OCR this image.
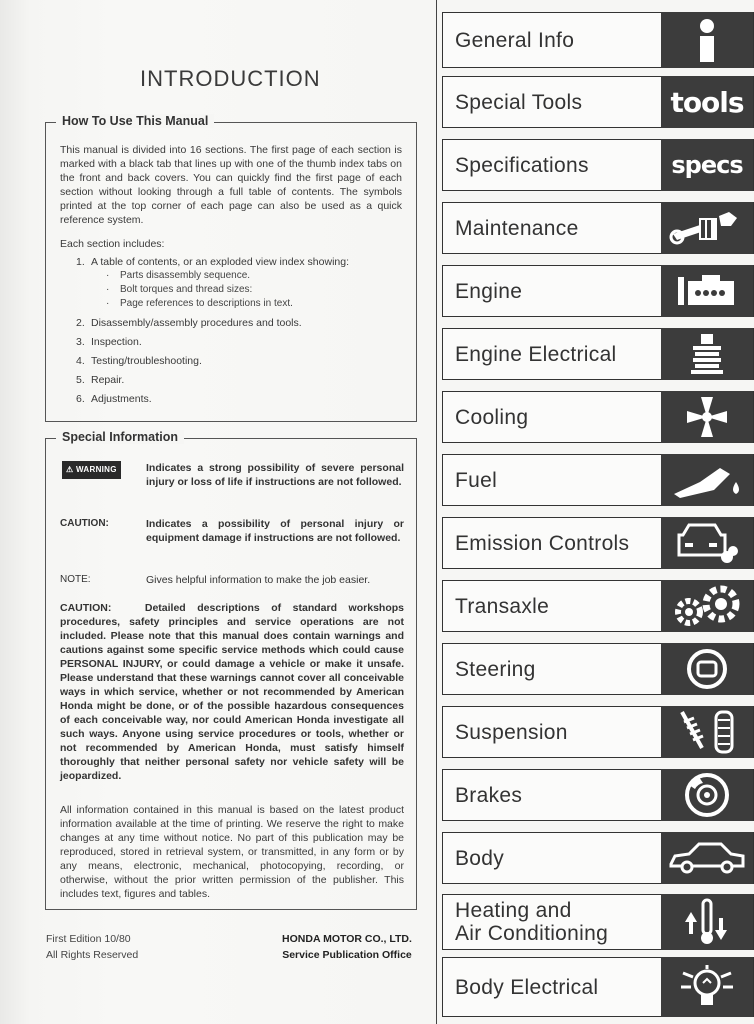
INTRODUCTION
How To Use This Manual

This manual is divided into 16 sections. The first page of each section is marked with a black tab that lines up with one of the thumb index tabs on the front and back covers. You can quickly find the first page of each section without looking through a full table of contents. The symbols printed at the top corner of each page can also be used as a quick reference system.

Each section includes:

1. A table of contents, or an exploded view index showing:
· Parts disassembly sequence.
· Bolt torques and thread sizes:
· Page references to descriptions in text.
2. Disassembly/assembly procedures and tools.
3. Inspection.
4. Testing/troubleshooting.
5. Repair.
6. Adjustments.
Special Information
⚠ WARNING	Indicates a strong possibility of severe personal injury or loss of life if instructions are not followed.
CAUTION:	Indicates a possibility of personal injury or equipment damage if instructions are not followed.
NOTE:	Gives helpful information to make the job easier.

CAUTION:	Detailed descriptions of standard workshops procedures, safety principles and service operations are not included. Please note that this manual does contain warnings and cautions against some specific service methods which could cause PERSONAL INJURY, or could damage a vehicle or make it unsafe. Please understand that these warnings cannot cover all conceivable ways in which service, whether or not recommended by American Honda might be done, or of the possible hazardous consequences of each conceivable way, nor could American Honda investigate all such ways. Anyone using service procedures or tools, whether or not recommended by American Honda, must satisfy himself thoroughly that neither personal safety nor vehicle safety will be jeopardized.

All information contained in this manual is based on the latest product information available at the time of printing. We reserve the right to make changes at any time without notice. No part of this publication may be reproduced, stored in retrieval system, or transmitted, in any form or by any means, electronic, mechanical, photocopying, recording, or otherwise, without the prior written permission of the publisher. This includes text, figures and tables.

First Edition 10/80
All Rights Reserved
HONDA MOTOR CO., LTD.
Service Publication Office
General Info
Special Tools	tools
Specifications	specs
Maintenance
Engine
Engine Electrical
Cooling
Fuel
Emission Controls
Transaxle
Steering
Suspension
Brakes
Body
Heating and
Air Conditioning
Body Electrical
